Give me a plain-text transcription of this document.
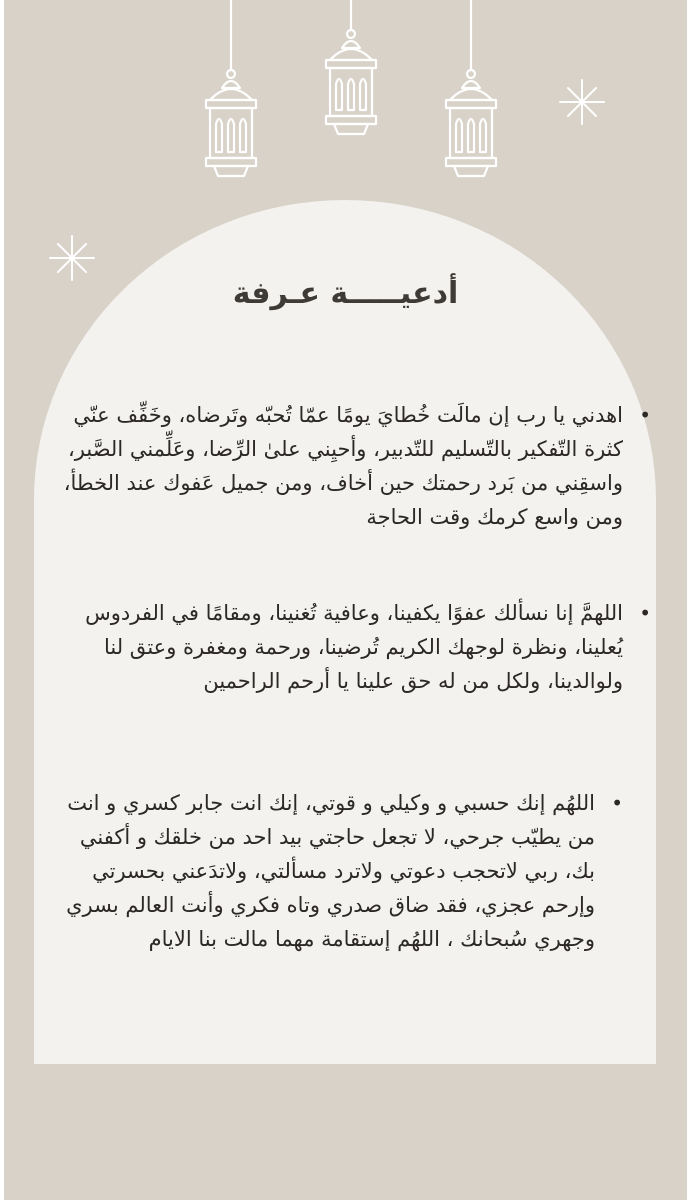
أدعيـــــة عـرفة
•
اهدني يا رب إن مالَت خُطايَ يومًا عمّا تُحبّه وتَرضاه، وخَفِّف عنّي كثرة التّفكير بالتّسليم للتّدبير، وأحيِني علىٰ الرِّضا، وعَلِّمني الصَّبر، واسقِني من بَرد رحمتك حين أخاف، ومن جميل عَفوك عند الخطأ، ومن واسع كرمك وقت الحاجة
•
اللهمَّ إنا نسألك عفوًا يكفينا، وعافية تُغنينا، ومقامًا في الفردوس يُعلينا، ونظرة لوجهك الكريم تُرضينا، ورحمة ومغفرة وعتق لنا ولوالدينا، ولكل من له حق علينا يا أرحم الراحمين
•
اللهُم إنك حسبي و وكيلي و قوتي، إنك انت جابر كسري و انت من يطيّب جرحي، لا تجعل حاجتي بيد احد من خلقك و أكفني بك، ربي لاتحجب دعوتي ولاترد مسألتي، ولاتدَعني بحسرتي وإرحم عجزي، فقد ضاق صدري وتاه فكري وأنت العالم بسري وجهري سُبحانك ، اللهُم إستقامة مهما مالت بنا الايام
